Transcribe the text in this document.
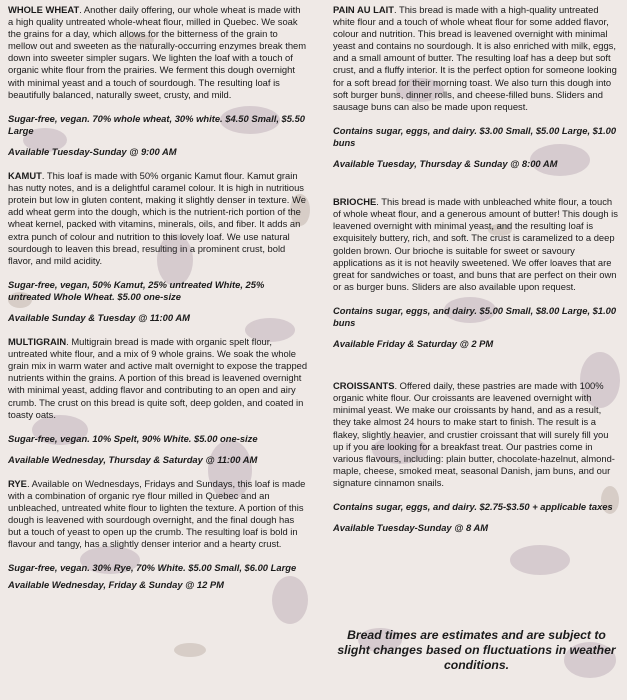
WHOLE WHEAT. Another daily offering, our whole wheat is made with a high quality untreated whole-wheat flour, milled in Quebec. We soak the grains for a day, which allows for the bitterness of the grain to mellow out and sweeten as the naturally-occurring enzymes break them down into sweeter simpler sugars. We lighten the loaf with a touch of organic white flour from the prairies. We ferment this dough overnight with minimal yeast and a touch of sourdough. The resulting loaf is beautifully balanced, naturally sweet, crusty, and mild.

Sugar-free, vegan. 70% whole wheat, 30% white. $4.50 Small, $5.50 Large

Available Tuesday-Sunday @ 9:00 AM

KAMUT. This loaf is made with 50% organic Kamut flour. Kamut grain has nutty notes, and is a delightful caramel colour. It is high in nutritious protein but low in gluten content, making it slightly denser in texture. We add wheat germ into the dough, which is the nutrient-rich portion of the wheat kernel, packed with vitamins, minerals, oils, and fiber. It adds an extra punch of colour and nutrition to this lovely loaf. We use natural sourdough to leaven this bread, resulting in a prominent crust, bold flavor, and mild acidity.

Sugar-free, vegan, 50% Kamut, 25% untreated White, 25% untreated Whole Wheat. $5.00 one-size

Available Sunday & Tuesday @ 11:00 AM

MULTIGRAIN. Multigrain bread is made with organic spelt flour, untreated white flour, and a mix of 9 whole grains. We soak the whole grain mix in warm water and active malt overnight to expose the trapped nutrients within the grains. A portion of this bread is leavened overnight with minimal yeast, adding flavor and contributing to an open and airy crumb. The crust on this bread is quite soft, deep golden, and coated in toasty oats.

Sugar-free, vegan. 10% Spelt, 90% White. $5.00 one-size

Available Wednesday, Thursday & Saturday @ 11:00 AM

RYE. Available on Wednesdays, Fridays and Sundays, this loaf is made with a combination of organic rye flour milled in Quebec and an unbleached, untreated white flour to lighten the texture. A portion of this dough is leavened with sourdough overnight, and the final dough has but a touch of yeast to open up the crumb. The resulting loaf is bold in flavour and tangy, has a slightly denser interior and a hearty crust.

Sugar-free, vegan. 30% Rye, 70% White. $5.00 Small, $6.00 Large

Available Wednesday, Friday & Sunday @ 12 PM

PAIN AU LAIT. This bread is made with a high-quality untreated white flour and a touch of whole wheat flour for some added flavor, colour and nutrition. This bread is leavened overnight with minimal yeast and contains no sourdough. It is also enriched with milk, eggs, and a small amount of butter. The resulting loaf has a deep but soft crust, and a fluffy interior. It is the perfect option for someone looking for a soft bread for their morning toast. We also turn this dough into soft burger buns, dinner rolls, and cheese-filled buns. Sliders and sausage buns can also be made upon request.

Contains sugar, eggs, and dairy. $3.00 Small, $5.00 Large, $1.00 buns

Available Tuesday, Thursday & Sunday @ 8:00 AM

BRIOCHE. This bread is made with unbleached white flour, a touch of whole wheat flour, and a generous amount of butter! This dough is leavened overnight with minimal yeast, and the resulting loaf is exquisitely buttery, rich, and soft. The crust is caramelized to a deep golden brown. Our brioche is suitable for sweet or savoury applications as it is not heavily sweetened. We offer loaves that are great for sandwiches or toast, and buns that are perfect on their own or as burger buns. Sliders are also available upon request.

Contains sugar, eggs, and dairy. $5.00 Small, $8.00 Large, $1.00 buns

Available Friday & Saturday @ 2 PM

CROISSANTS. Offered daily, these pastries are made with 100% organic white flour. Our croissants are leavened overnight with minimal yeast. We make our croissants by hand, and as a result, they take almost 24 hours to make start to finish. The result is a flakey, slightly heavier, and crustier croissant that will surely fill you up if you are looking for a breakfast treat. Our pastries come in various flavours, including: plain butter, chocolate-hazelnut, almond-maple, cheese, smoked meat, seasonal Danish, jam buns, and our signature cinnamon snails.

Contains sugar, eggs, and dairy. $2.75-$3.50 + applicable taxes

Available Tuesday-Sunday @ 8 AM

Bread times are estimates and are subject to slight changes based on fluctuations in weather conditions.
